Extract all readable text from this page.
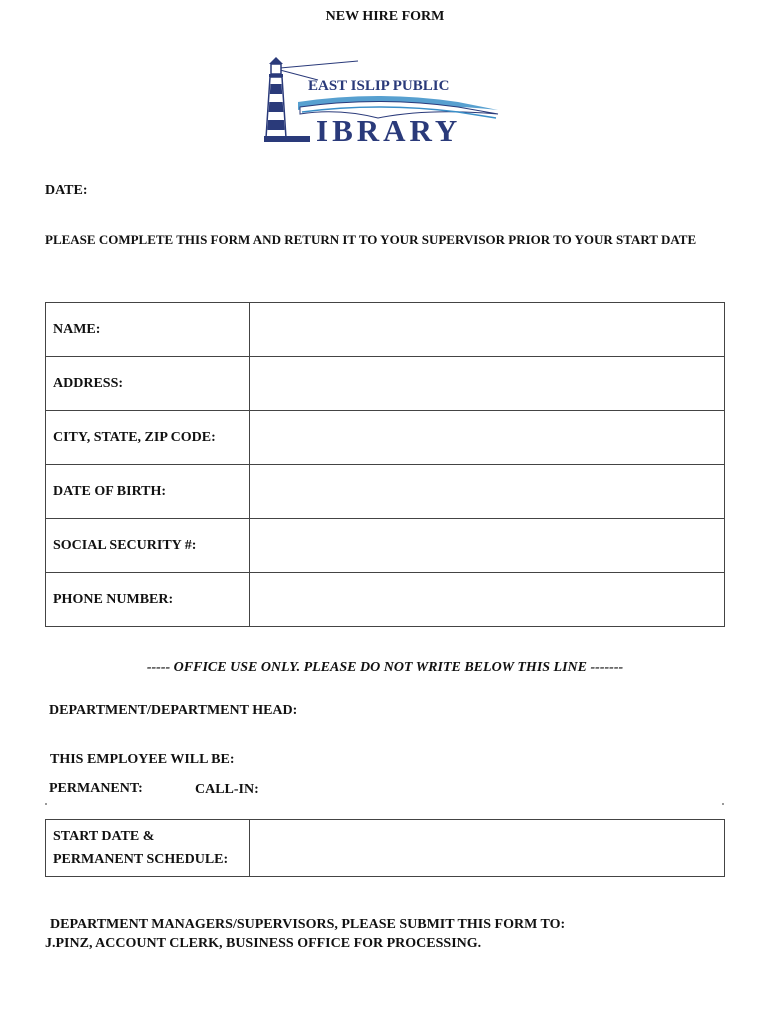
NEW HIRE FORM
EAST ISLIP PUBLIC
IBRARY
DATE:
PLEASE COMPLETE THIS FORM AND RETURN IT TO YOUR SUPERVISOR PRIOR TO YOUR START DATE
NAME:	
ADDRESS:	
CITY, STATE, ZIP CODE:	
DATE OF BIRTH:	
SOCIAL SECURITY #:	
PHONE NUMBER:	
----- OFFICE USE ONLY. PLEASE DO NOT WRITE BELOW THIS LINE -------
DEPARTMENT/DEPARTMENT HEAD:
THIS EMPLOYEE WILL BE:
PERMANENT:	CALL-IN:
START DATE &
PERMANENT SCHEDULE:

DEPARTMENT MANAGERS/SUPERVISORS, PLEASE SUBMIT THIS FORM TO:
J.PINZ, ACCOUNT CLERK, BUSINESS OFFICE FOR PROCESSING.
